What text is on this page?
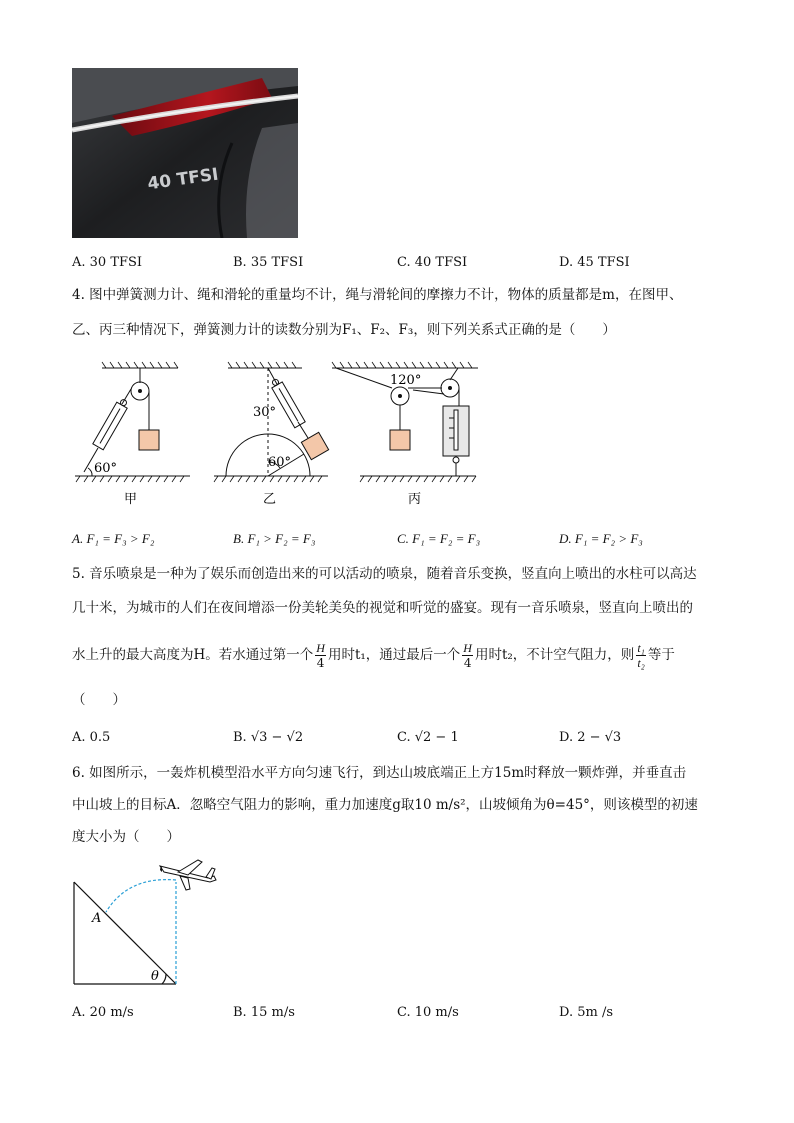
40 TFSI
A. 30 TFSI	B. 35 TFSI	C. 40 TFSI	D. 45 TFSI
4. 图中弹簧测力计、绳和滑轮的重量均不计，绳与滑轮间的摩擦力不计，物体的质量都是m，在图甲、
乙、丙三种情况下，弹簧测力计的读数分别为F₁、F₂、F₃，则下列关系式正确的是（　　）
60°
甲
30°
60°
乙
120°
丙
A. F₁ = F₃ > F₂	B. F₁ > F₂ = F₃	C. F₁ = F₂ = F₃	D. F₁ = F₂ > F₃
5. 音乐喷泉是一种为了娱乐而创造出来的可以活动的喷泉，随着音乐变换，竖直向上喷出的水柱可以高达
几十米，为城市的人们在夜间增添一份美轮美奂的视觉和听觉的盛宴。现有一音乐喷泉，竖直向上喷出的
水上升的最大高度为H。若水通过第一个 $\frac{H}{4}$ 用时t₁，通过最后一个 $\frac{H}{4}$ 用时t₂，不计空气阻力，则 $\frac{\text{t₁}}{\text{t₂}}$ 等于
（　　）
A. 0.5	B. √3 − √2	C. √2 − 1	D. 2 − √3
6. 如图所示，一轰炸机模型沿水平方向匀速飞行，到达山坡底端正上方15m时释放一颗炸弹，并垂直击
中山坡上的目标A．忽略空气阻力的影响，重力加速度g取10 m/s²，山坡倾角为θ=45°，则该模型的初速
度大小为（　　）
A
θ
A. 20 m/s	B. 15 m/s	C. 10 m/s	D. 5m /s
